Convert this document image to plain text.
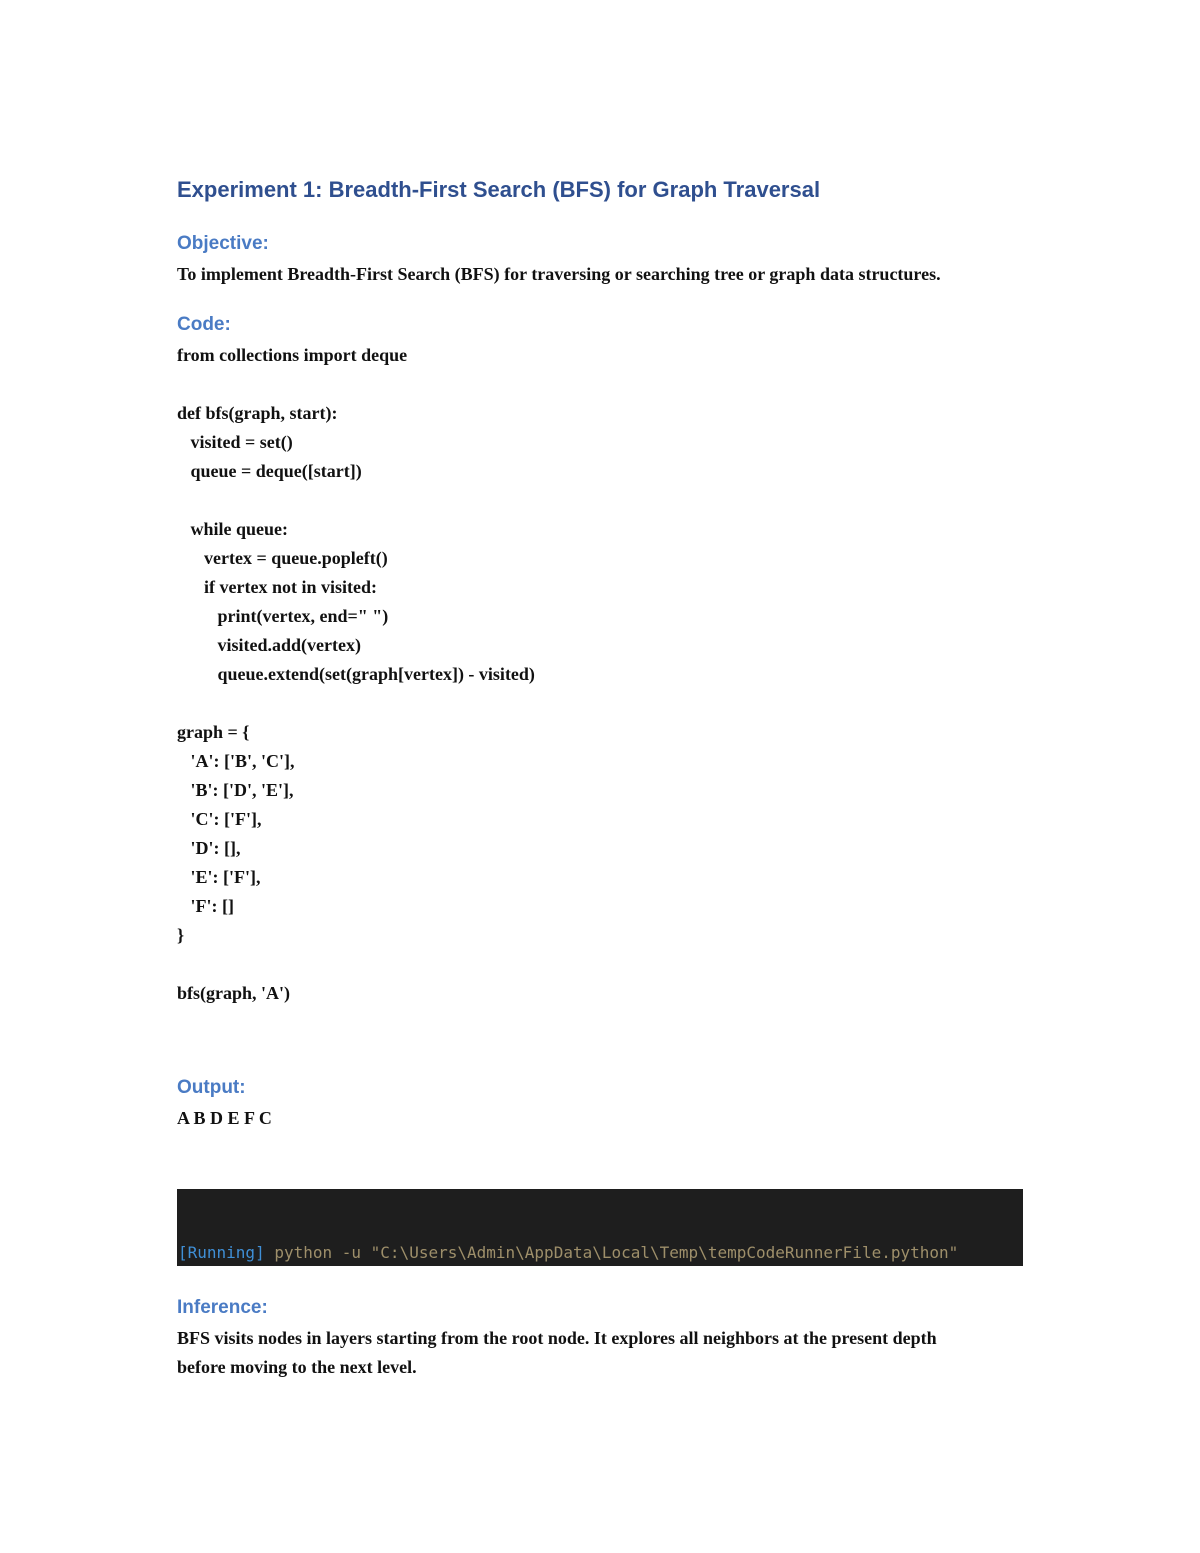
Experiment 1: Breadth-First Search (BFS) for Graph Traversal
Objective:

To implement Breadth-First Search (BFS) for traversing or searching tree or graph data structures.

Code:
from collections import deque
def bfs(graph, start):
visited = set()
queue = deque([start])
while queue:
vertex = queue.popleft()
if vertex not in visited:
print(vertex, end=" ")
visited.add(vertex)
queue.extend(set(graph[vertex]) - visited)
graph = {
'A': ['B', 'C'],
'B': ['D', 'E'],
'C': ['F'],
'D': [],
'E': ['F'],
'F': []
}
bfs(graph, 'A')
Output:

A B D E F C

[Running] python -u "C:\Users\Admin\AppData\Local\Temp\tempCodeRunnerFile.python"

Inference:

BFS visits nodes in layers starting from the root node. It explores all neighbors at the present depth before moving to the next level.
